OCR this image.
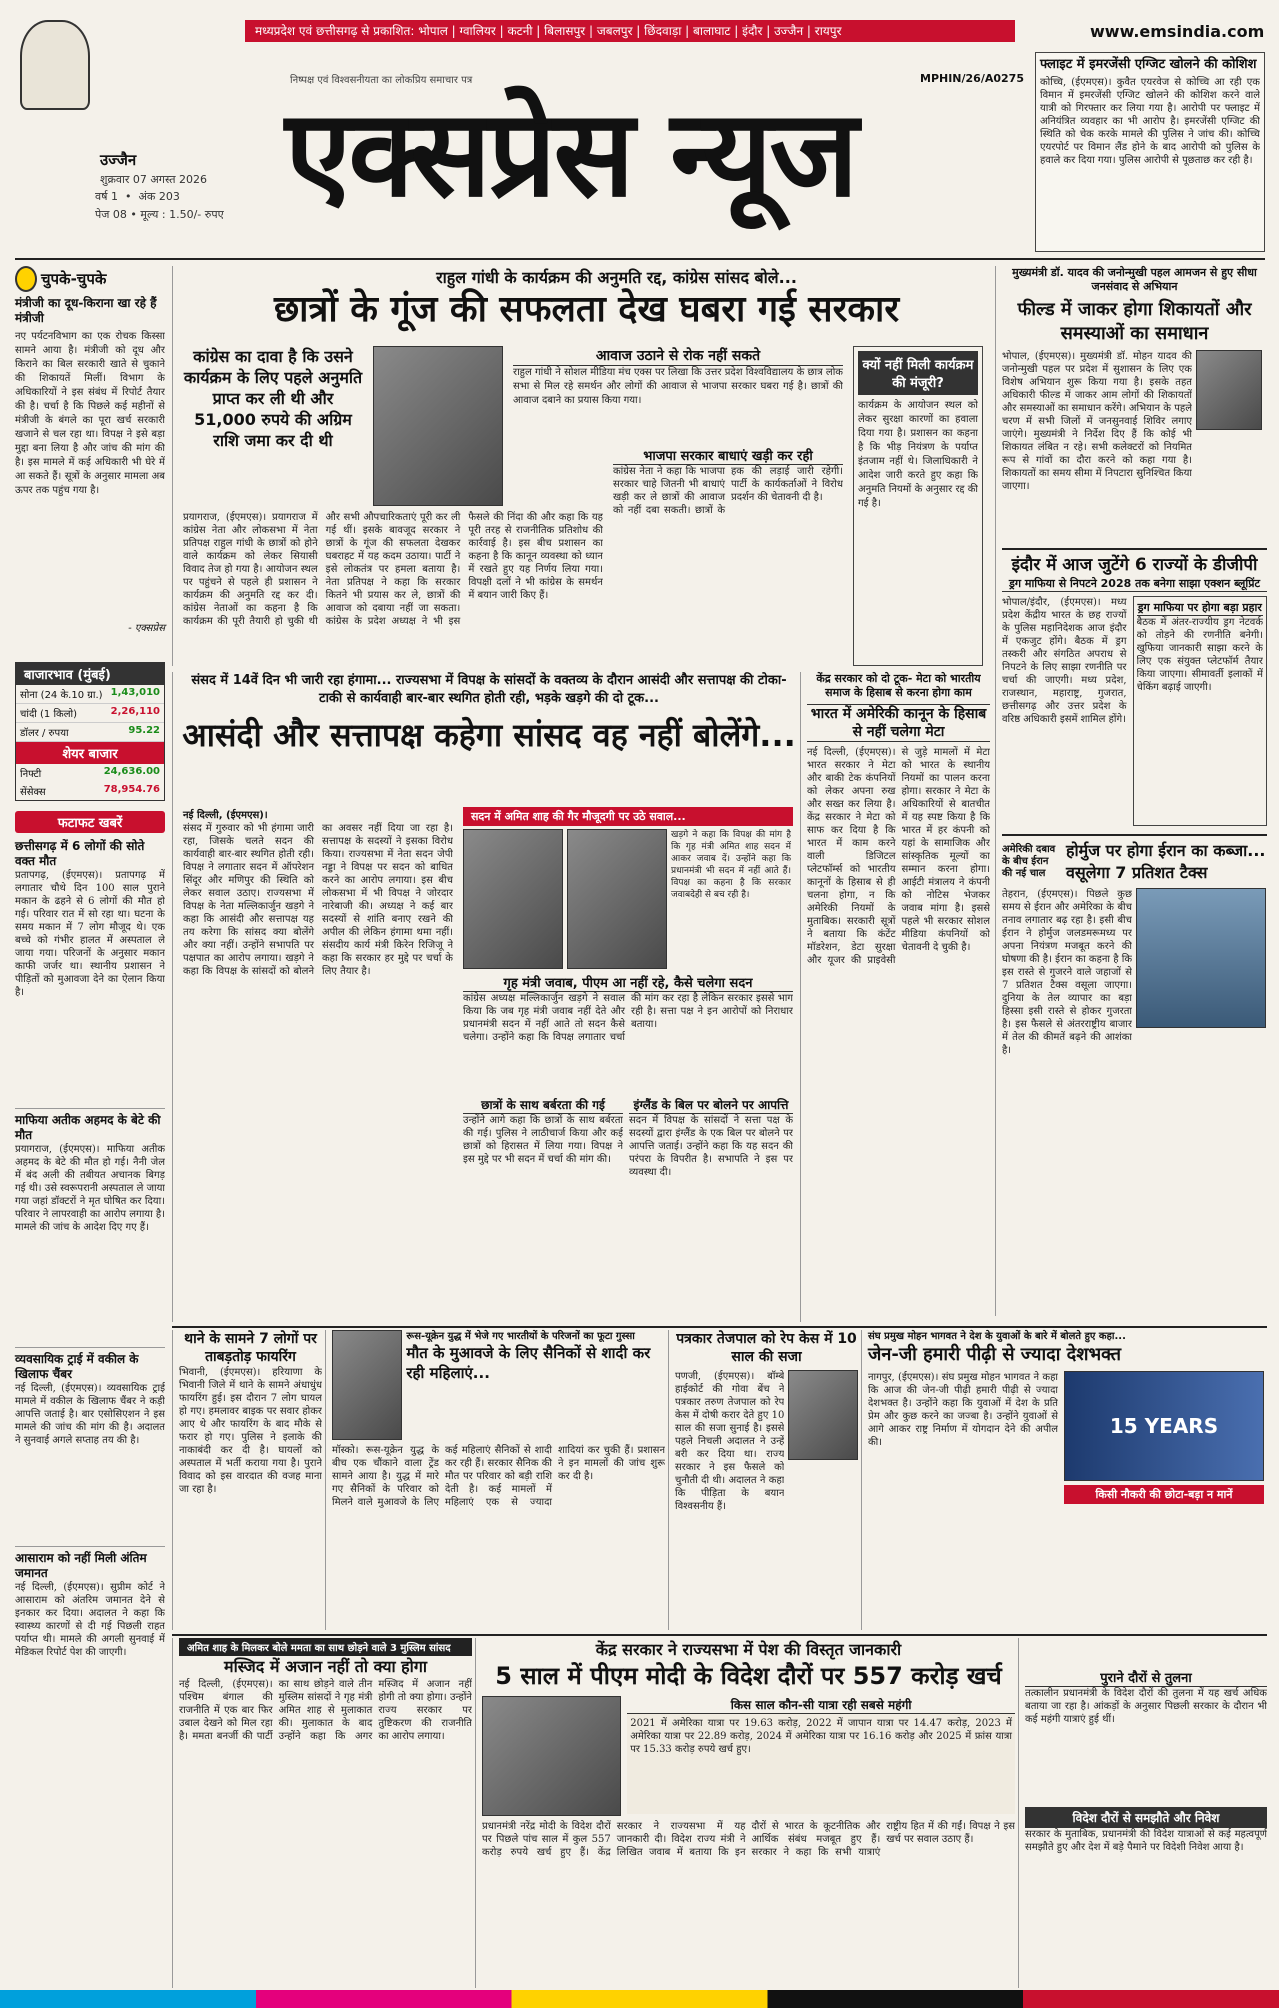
उज्जैन
शुक्रवार 07 अगस्त 2026
वर्ष 1  •  अंक 203
पेज 08 • मूल्य : 1.50/- रुपए
मध्यप्रदेश एवं छत्तीसगढ़ से प्रकाशित: भोपाल | ग्वालियर | कटनी | बिलासपुर | जबलपुर | छिंदवाड़ा | बालाघाट | इंदौर | उज्जैन | रायपुर	www.emsindia.com
निष्पक्ष एवं विश्वसनीयता का लोकप्रिय समाचार पत्र	MPHIN/26/A0275
एक्सप्रेस न्यूज
फ्लाइट में इमरजेंसी एग्जिट खोलने की कोशिश
कोच्चि, (ईएमएस)। कुवैत एयरवेज से कोच्चि आ रही एक विमान में इमरजेंसी एग्जिट खोलने की कोशिश करने वाले यात्री को गिरफ्तार कर लिया गया है। आरोपी पर फ्लाइट में अनियंत्रित व्यवहार का भी आरोप है। इमरजेंसी एग्जिट की स्थिति को चेक करके मामले की पुलिस ने जांच की। कोच्चि एयरपोर्ट पर विमान लैंड होने के बाद आरोपी को पुलिस के हवाले कर दिया गया। पुलिस आरोपी से पूछताछ कर रही है।
चुपके-चुपके
मंत्रीजी का दूध-किराना खा रहे हैं मंत्रीजी
नए पर्यटनविभाग का एक रोचक किस्सा सामने आया है। मंत्रीजी को दूध और किराने का बिल सरकारी खाते से चुकाने की शिकायतें मिलीं। विभाग के अधिकारियों ने इस संबंध में रिपोर्ट तैयार की है। चर्चा है कि पिछले कई महीनों से मंत्रीजी के बंगले का पूरा खर्च सरकारी खजाने से चल रहा था। विपक्ष ने इसे बड़ा मुद्दा बना लिया है और जांच की मांग की है। इस मामले में कई अधिकारी भी घेरे में आ सकते हैं। सूत्रों के अनुसार मामला अब ऊपर तक पहुंच गया है।
- एक्सप्रेस
बाजारभाव (मुंबई)
सोना (24 के.10 ग्रा.) 1,43,010
चांदी (1 किलो)	2,26,110
डॉलर / रुपया	95.22
शेयर बाजार
निफ्टी	24,636.00
सेंसेक्स	78,954.76
फटाफट खबरें
छत्तीसगढ़ में 6 लोगों की सोते वक्त मौत
प्रतापगढ़, (ईएमएस)। प्रतापगढ़ में लगातार चौथे दिन 100 साल पुराने मकान के ढहने से 6 लोगों की मौत हो गई। परिवार रात में सो रहा था। घटना के समय मकान में 7 लोग मौजूद थे। एक बच्चे को गंभीर हालत में अस्पताल ले जाया गया। परिजनों के अनुसार मकान काफी जर्जर था। स्थानीय प्रशासन ने पीड़ितों को मुआवजा देने का ऐलान किया है।
माफिया अतीक अहमद के बेटे की मौत
प्रयागराज, (ईएमएस)। माफिया अतीक अहमद के बेटे की मौत हो गई। नैनी जेल में बंद अली की तबीयत अचानक बिगड़ गई थी। उसे स्वरूपरानी अस्पताल ले जाया गया जहां डॉक्टरों ने मृत घोषित कर दिया। परिवार ने लापरवाही का आरोप लगाया है। मामले की जांच के आदेश दिए गए हैं।
व्यवसायिक ट्राई में वकील के खिलाफ चैंबर
नई दिल्ली, (ईएमएस)। व्यवसायिक ट्राई मामले में वकील के खिलाफ चैंबर ने कड़ी आपत्ति जताई है। बार एसोसिएशन ने इस मामले की जांच की मांग की है। अदालत ने सुनवाई अगले सप्ताह तय की है।
आसाराम को नहीं मिली अंतिम जमानत
नई दिल्ली, (ईएमएस)। सुप्रीम कोर्ट ने आसाराम को अंतरिम जमानत देने से इनकार कर दिया। अदालत ने कहा कि स्वास्थ्य कारणों से दी गई पिछली राहत पर्याप्त थी। मामले की अगली सुनवाई में मेडिकल रिपोर्ट पेश की जाएगी।
राहुल गांधी के कार्यक्रम की अनुमति रद्द, कांग्रेस सांसद बोले...
छात्रों के गूंज की सफलता देख घबरा गई सरकार
कांग्रेस का दावा है कि उसने कार्यक्रम के लिए पहले अनुमति प्राप्त कर ली थी और 51,000 रुपये की अग्रिम राशि जमा कर दी थी
आवाज उठाने से रोक नहीं सकते
राहुल गांधी ने सोशल मीडिया मंच एक्स पर लिखा कि उत्तर प्रदेश विश्वविद्यालय के छात्र लोक सभा से मिल रहे समर्थन और लोगों की आवाज से भाजपा सरकार घबरा गई है। छात्रों की आवाज दबाने का प्रयास किया गया।
प्रयागराज, (ईएमएस)। प्रयागराज में कांग्रेस नेता और लोकसभा में नेता प्रतिपक्ष राहुल गांधी के छात्रों को होने वाले कार्यक्रम को लेकर सियासी विवाद तेज हो गया है। आयोजन स्थल पर पहुंचने से पहले ही प्रशासन ने कार्यक्रम की अनुमति रद्द कर दी। कांग्रेस नेताओं का कहना है कि कार्यक्रम की पूरी तैयारी हो चुकी थी और सभी औपचारिकताएं पूरी कर ली गई थीं। इसके बावजूद सरकार ने छात्रों के गूंज की सफलता देखकर घबराहट में यह कदम उठाया। पार्टी ने इसे लोकतंत्र पर हमला बताया है। नेता प्रतिपक्ष ने कहा कि सरकार कितने भी प्रयास कर ले, छात्रों की आवाज को दबाया नहीं जा सकता। कांग्रेस के प्रदेश अध्यक्ष ने भी इस फैसले की निंदा की और कहा कि यह पूरी तरह से राजनीतिक प्रतिशोध की कार्रवाई है। इस बीच प्रशासन का कहना है कि कानून व्यवस्था को ध्यान में रखते हुए यह निर्णय लिया गया। विपक्षी दलों ने भी कांग्रेस के समर्थन में बयान जारी किए हैं।
भाजपा सरकार बाधाएं खड़ी कर रही
कांग्रेस नेता ने कहा कि भाजपा सरकार चाहे जितनी भी बाधाएं खड़ी कर ले छात्रों की आवाज को नहीं दबा सकती। छात्रों के हक की लड़ाई जारी रहेगी। पार्टी के कार्यकर्ताओं ने विरोध प्रदर्शन की चेतावनी दी है।
क्यों नहीं मिली कार्यक्रम की मंजूरी?
कार्यक्रम के आयोजन स्थल को लेकर सुरक्षा कारणों का हवाला दिया गया है। प्रशासन का कहना है कि भीड़ नियंत्रण के पर्याप्त इंतजाम नहीं थे। जिलाधिकारी ने आदेश जारी करते हुए कहा कि अनुमति नियमों के अनुसार रद्द की गई है।
संसद में 14वें दिन भी जारी रहा हंगामा... राज्यसभा में विपक्ष के सांसदों के वक्तव्य के दौरान आसंदी और सत्तापक्ष की टोका-टाकी से कार्यवाही बार-बार स्थगित होती रही, भड़के खड़गे की दो टूक...
आसंदी और सत्तापक्ष कहेगा सांसद वह नहीं बोलेंगे...
नई दिल्ली, (ईएमएस)।
संसद में गुरुवार को भी हंगामा जारी रहा, जिसके चलते सदन की कार्यवाही बार-बार स्थगित होती रही। विपक्ष ने लगातार सदन में ऑपरेशन सिंदूर और मणिपुर की स्थिति को लेकर सवाल उठाए। राज्यसभा में विपक्ष के नेता मल्लिकार्जुन खड़गे ने कहा कि आसंदी और सत्तापक्ष यह तय करेगा कि सांसद क्या बोलेंगे और क्या नहीं। उन्होंने सभापति पर पक्षपात का आरोप लगाया। खड़गे ने कहा कि विपक्ष के सांसदों को बोलने का अवसर नहीं दिया जा रहा है। सत्तापक्ष के सदस्यों ने इसका विरोध किया। राज्यसभा में नेता सदन जेपी नड्डा ने विपक्ष पर सदन को बाधित करने का आरोप लगाया। इस बीच लोकसभा में भी विपक्ष ने जोरदार नारेबाजी की। अध्यक्ष ने कई बार सदस्यों से शांति बनाए रखने की अपील की लेकिन हंगामा थमा नहीं। संसदीय कार्य मंत्री किरेन रिजिजू ने कहा कि सरकार हर मुद्दे पर चर्चा के लिए तैयार है।
सदन में अमित शाह की गैर मौजूदगी पर उठे सवाल...
खड़गे ने कहा कि विपक्ष की मांग है कि गृह मंत्री अमित शाह सदन में आकर जवाब दें। उन्होंने कहा कि प्रधानमंत्री भी सदन में नहीं आते हैं। विपक्ष का कहना है कि सरकार जवाबदेही से बच रही है।
गृह मंत्री जवाब, पीएम आ नहीं रहे, कैसे चलेगा सदन
कांग्रेस अध्यक्ष मल्लिकार्जुन खड़गे ने सवाल किया कि जब गृह मंत्री जवाब नहीं देते और प्रधानमंत्री सदन में नहीं आते तो सदन कैसे चलेगा। उन्होंने कहा कि विपक्ष लगातार चर्चा की मांग कर रहा है लेकिन सरकार इससे भाग रही है। सत्ता पक्ष ने इन आरोपों को निराधार बताया।
छात्रों के साथ बर्बरता की गई
उन्होंने आगे कहा कि छात्रों के साथ बर्बरता की गई। पुलिस ने लाठीचार्ज किया और कई छात्रों को हिरासत में लिया गया। विपक्ष ने इस मुद्दे पर भी सदन में चर्चा की मांग की।
इंग्लैंड के बिल पर बोलने पर आपत्ति
सदन में विपक्ष के सांसदों ने सत्ता पक्ष के सदस्यों द्वारा इंग्लैंड के एक बिल पर बोलने पर आपत्ति जताई। उन्होंने कहा कि यह सदन की परंपरा के विपरीत है। सभापति ने इस पर व्यवस्था दी।
केंद्र सरकार को दो टूक- मेटा को भारतीय समाज के हिसाब से करना होगा काम
भारत में अमेरिकी कानून के हिसाब से नहीं चलेगा मेटा
नई दिल्ली, (ईएमएस)। भारत सरकार ने मेटा और बाकी टेक कंपनियों को लेकर अपना रुख और सख्त कर लिया है। केंद्र सरकार ने मेटा को साफ कर दिया है कि भारत में काम करने वाली डिजिटल प्लेटफॉर्म्स को भारतीय कानूनों के हिसाब से ही चलना होगा, न कि अमेरिकी नियमों के मुताबिक। सरकारी सूत्रों ने बताया कि कंटेंट मॉडरेशन, डेटा सुरक्षा और यूजर की प्राइवेसी से जुड़े मामलों में मेटा को भारत के स्थानीय नियमों का पालन करना होगा। सरकार ने मेटा के अधिकारियों से बातचीत में यह स्पष्ट किया है कि भारत में हर कंपनी को यहां के सामाजिक और सांस्कृतिक मूल्यों का सम्मान करना होगा। आईटी मंत्रालय ने कंपनी को नोटिस भेजकर जवाब मांगा है। इससे पहले भी सरकार सोशल मीडिया कंपनियों को चेतावनी दे चुकी है।
मुख्यमंत्री डॉ. यादव की जनोन्मुखी पहल आमजन से हुए सीधा जनसंवाद से अभियान
फील्ड में जाकर होगा शिकायतों और समस्याओं का समाधान
भोपाल, (ईएमएस)। मुख्यमंत्री डॉ. मोहन यादव की जनोन्मुखी पहल पर प्रदेश में सुशासन के लिए एक विशेष अभियान शुरू किया गया है। इसके तहत अधिकारी फील्ड में जाकर आम लोगों की शिकायतों और समस्याओं का समाधान करेंगे। अभियान के पहले चरण में सभी जिलों में जनसुनवाई शिविर लगाए जाएंगे। मुख्यमंत्री ने निर्देश दिए हैं कि कोई भी शिकायत लंबित न रहे। सभी कलेक्टरों को नियमित रूप से गांवों का दौरा करने को कहा गया है। शिकायतों का समय सीमा में निपटारा सुनिश्चित किया जाएगा।
इंदौर में आज जुटेंगे 6 राज्यों के डीजीपी
ड्रग माफिया से निपटने 2028 तक बनेगा साझा एक्शन ब्लूप्रिंट
भोपाल/इंदौर, (ईएमएस)। मध्य प्रदेश केंद्रीय भारत के छह राज्यों के पुलिस महानिदेशक आज इंदौर में एकजुट होंगे। बैठक में ड्रग तस्करी और संगठित अपराध से निपटने के लिए साझा रणनीति पर चर्चा की जाएगी। मध्य प्रदेश, राजस्थान, महाराष्ट्र, गुजरात, छत्तीसगढ़ और उत्तर प्रदेश के वरिष्ठ अधिकारी इसमें शामिल होंगे।
ड्रग माफिया पर होगा बड़ा प्रहार
बैठक में अंतर-राज्यीय ड्रग नेटवर्क को तोड़ने की रणनीति बनेगी। खुफिया जानकारी साझा करने के लिए एक संयुक्त प्लेटफॉर्म तैयार किया जाएगा। सीमावर्ती इलाकों में चेकिंग बढ़ाई जाएगी।
अमेरिकी दबाव के बीच ईरान की नई चाल
होर्मुज पर होगा ईरान का कब्जा... वसूलेगा 7 प्रतिशत टैक्स
तेहरान, (ईएमएस)। पिछले कुछ समय से ईरान और अमेरिका के बीच तनाव लगातार बढ़ रहा है। इसी बीच ईरान ने होर्मुज जलडमरूमध्य पर अपना नियंत्रण मजबूत करने की घोषणा की है। ईरान का कहना है कि इस रास्ते से गुजरने वाले जहाजों से 7 प्रतिशत टैक्स वसूला जाएगा। दुनिया के तेल व्यापार का बड़ा हिस्सा इसी रास्ते से होकर गुजरता है। इस फैसले से अंतरराष्ट्रीय बाजार में तेल की कीमतें बढ़ने की आशंका है।
थाने के सामने 7 लोगों पर ताबड़तोड़ फायरिंग
भिवानी, (ईएमएस)। हरियाणा के भिवानी जिले में थाने के सामने अंधाधुंध फायरिंग हुई। इस दौरान 7 लोग घायल हो गए। हमलावर बाइक पर सवार होकर आए थे और फायरिंग के बाद मौके से फरार हो गए। पुलिस ने इलाके की नाकाबंदी कर दी है। घायलों को अस्पताल में भर्ती कराया गया है। पुराने विवाद को इस वारदात की वजह माना जा रहा है।
रूस-यूक्रेन युद्ध में भेजे गए भारतीयों के परिजनों का फूटा गुस्सा
मौत के मुआवजे के लिए सैनिकों से शादी कर रही महिलाएं...
मॉस्को। रूस-यूक्रेन युद्ध के बीच एक चौंकाने वाला ट्रेंड सामने आया है। युद्ध में मारे गए सैनिकों के परिवार को मिलने वाले मुआवजे के लिए कई महिलाएं सैनिकों से शादी कर रही हैं। सरकार सैनिक की मौत पर परिवार को बड़ी राशि देती है। कई मामलों में महिलाएं एक से ज्यादा शादियां कर चुकी हैं। प्रशासन ने इन मामलों की जांच शुरू कर दी है।
पत्रकार तेजपाल को रेप केस में 10 साल की सजा
पणजी, (ईएमएस)। बॉम्बे हाईकोर्ट की गोवा बेंच ने पत्रकार तरुण तेजपाल को रेप केस में दोषी करार देते हुए 10 साल की सजा सुनाई है। इससे पहले निचली अदालत ने उन्हें बरी कर दिया था। राज्य सरकार ने इस फैसले को चुनौती दी थी। अदालत ने कहा कि पीड़िता के बयान विश्वसनीय हैं।
संघ प्रमुख मोहन भागवत ने देश के युवाओं के बारे में बोलते हुए कहा...
जेन-जी हमारी पीढ़ी से ज्यादा देशभक्त
नागपुर, (ईएमएस)। संघ प्रमुख मोहन भागवत ने कहा कि आज की जेन-जी पीढ़ी हमारी पीढ़ी से ज्यादा देशभक्त है। उन्होंने कहा कि युवाओं में देश के प्रति प्रेम और कुछ करने का जज्बा है। उन्होंने युवाओं से आगे आकर राष्ट्र निर्माण में योगदान देने की अपील की।
15 YEARS
किसी नौकरी की छोटा-बड़ा न मानें
अमित शाह के मिलकर बोले ममता का साथ छोड़ने वाले 3 मुस्लिम सांसद
मस्जिद में अजान नहीं तो क्या होगा
नई दिल्ली, (ईएमएस)। पश्चिम बंगाल की राजनीति में एक बार फिर उबाल देखने को मिल रहा है। ममता बनर्जी की पार्टी का साथ छोड़ने वाले तीन मुस्लिम सांसदों ने गृह मंत्री अमित शाह से मुलाकात की। मुलाकात के बाद उन्होंने कहा कि अगर मस्जिद में अजान नहीं होगी तो क्या होगा। उन्होंने राज्य सरकार पर तुष्टिकरण की राजनीति का आरोप लगाया।
केंद्र सरकार ने राज्यसभा में पेश की विस्तृत जानकारी
5 साल में पीएम मोदी के विदेश दौरों पर 557 करोड़ खर्च
किस साल कौन-सी यात्रा रही सबसे महंगी
2021 में अमेरिका यात्रा पर 19.63 करोड़, 2022 में जापान यात्रा पर 14.47 करोड़, 2023 में अमेरिका यात्रा पर 22.89 करोड़, 2024 में अमेरिका यात्रा पर 16.16 करोड़ और 2025 में फ्रांस यात्रा पर 15.33 करोड़ रुपये खर्च हुए।
प्रधानमंत्री नरेंद्र मोदी के विदेश दौरों पर पिछले पांच साल में कुल 557 करोड़ रुपये खर्च हुए हैं। केंद्र सरकार ने राज्यसभा में यह जानकारी दी। विदेश राज्य मंत्री ने लिखित जवाब में बताया कि इन दौरों से भारत के कूटनीतिक और आर्थिक संबंध मजबूत हुए हैं। सरकार ने कहा कि सभी यात्राएं राष्ट्रीय हित में की गईं। विपक्ष ने इस खर्च पर सवाल उठाए हैं।
पुराने दौरों से तुलना
तत्कालीन प्रधानमंत्री के विदेश दौरों की तुलना में यह खर्च अधिक बताया जा रहा है। आंकड़ों के अनुसार पिछली सरकार के दौरान भी कई महंगी यात्राएं हुई थीं।
विदेश दौरों से समझौते और निवेश
सरकार के मुताबिक, प्रधानमंत्री की विदेश यात्राओं से कई महत्वपूर्ण समझौते हुए और देश में बड़े पैमाने पर विदेशी निवेश आया है।
